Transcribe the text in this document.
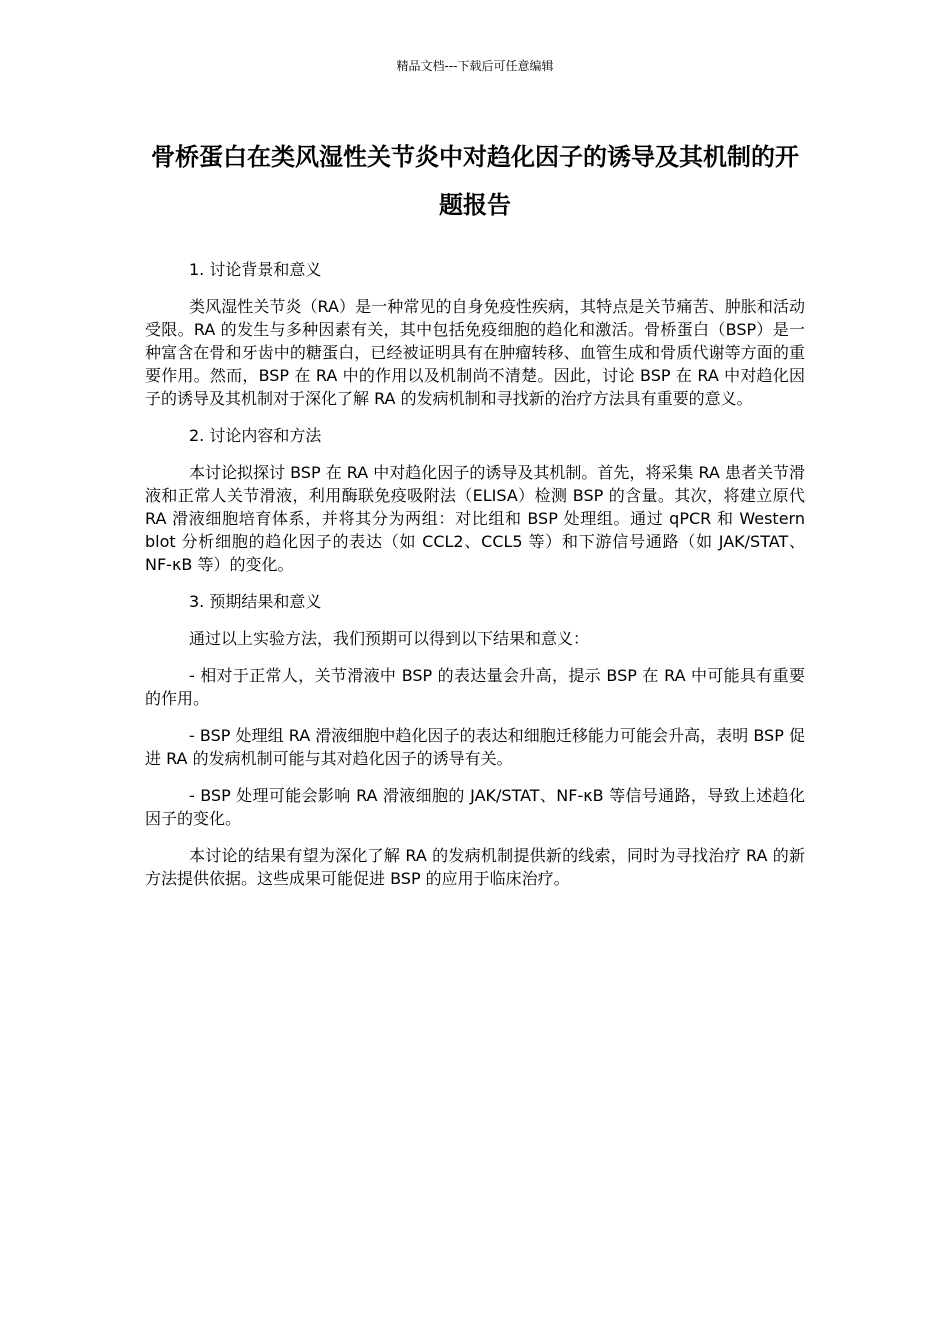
精品文档---下载后可任意编辑
骨桥蛋白在类风湿性关节炎中对趋化因子的诱导及其机制的开题报告

1. 讨论背景和意义

类风湿性关节炎（RA）是一种常见的自身免疫性疾病，其特点是关节痛苦、肿胀和活动受限。RA 的发生与多种因素有关，其中包括免疫细胞的趋化和激活。骨桥蛋白（BSP）是一种富含在骨和牙齿中的糖蛋白，已经被证明具有在肿瘤转移、血管生成和骨质代谢等方面的重要作用。然而，BSP 在 RA 中的作用以及机制尚不清楚。因此，讨论 BSP 在 RA 中对趋化因子的诱导及其机制对于深化了解 RA 的发病机制和寻找新的治疗方法具有重要的意义。

2. 讨论内容和方法

本讨论拟探讨 BSP 在 RA 中对趋化因子的诱导及其机制。首先，将采集 RA 患者关节滑液和正常人关节滑液，利用酶联免疫吸附法（ELISA）检测 BSP 的含量。其次，将建立原代 RA 滑液细胞培育体系，并将其分为两组：对比组和 BSP 处理组。通过 qPCR 和 Western blot 分析细胞的趋化因子的表达（如 CCL2、CCL5 等）和下游信号通路（如 JAK/STAT、NF-κB 等）的变化。

3. 预期结果和意义

通过以上实验方法，我们预期可以得到以下结果和意义：

- 相对于正常人，关节滑液中 BSP 的表达量会升高，提示 BSP 在 RA 中可能具有重要的作用。

- BSP 处理组 RA 滑液细胞中趋化因子的表达和细胞迁移能力可能会升高，表明 BSP 促进 RA 的发病机制可能与其对趋化因子的诱导有关。

- BSP 处理可能会影响 RA 滑液细胞的 JAK/STAT、NF-κB 等信号通路，导致上述趋化因子的变化。

本讨论的结果有望为深化了解 RA 的发病机制提供新的线索，同时为寻找治疗 RA 的新方法提供依据。这些成果可能促进 BSP 的应用于临床治疗。
